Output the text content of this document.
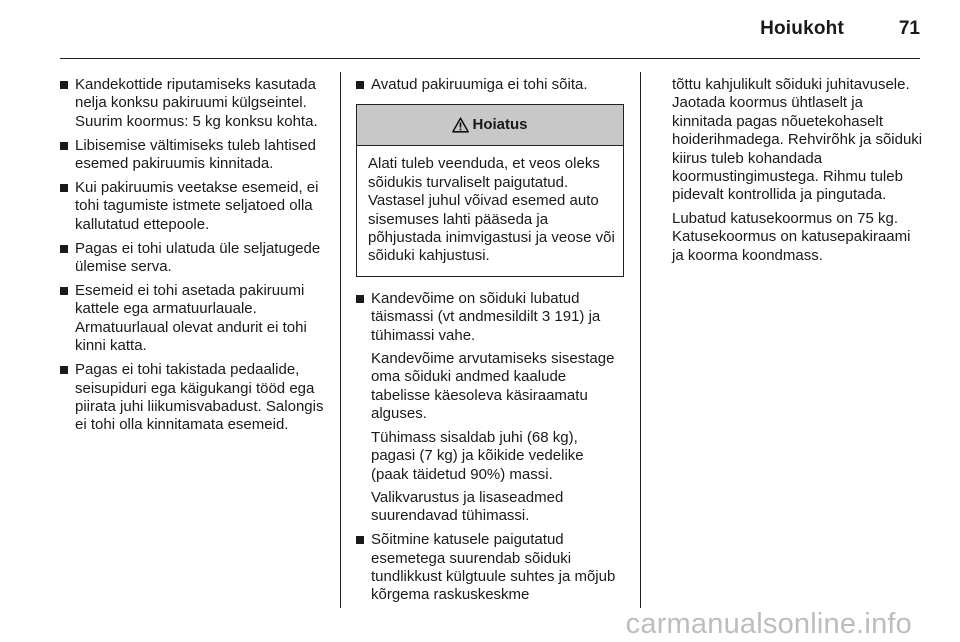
Hoiukoht	71
Kandekottide riputamiseks kasutada nelja konksu pakiruumi külgseintel. Suurim koormus: 5 kg konksu kohta.
Libisemise vältimiseks tuleb lahtised esemed pakiruumis kinnitada.
Kui pakiruumis veetakse esemeid, ei tohi tagumiste istmete seljatoed olla kallutatud ettepoole.
Pagas ei tohi ulatuda üle seljatugede ülemise serva.
Esemeid ei tohi asetada pakiruumi kattele ega armatuurlauale. Armatuurlaual olevat andurit ei tohi kinni katta.
Pagas ei tohi takistada pedaalide, seisupiduri ega käigukangi tööd ega piirata juhi liikumisvabadust. Salongis ei tohi olla kinnitamata esemeid.
Avatud pakiruumiga ei tohi sõita.
Hoiatus
Alati tuleb veenduda, et veos oleks sõidukis turvaliselt paigutatud. Vastasel juhul võivad esemed auto sisemuses lahti pääseda ja põhjustada inimvigastusi ja veose või sõiduki kahjustusi.
Kandevõime on sõiduki lubatud täismassi (vt andmesildilt 3 191) ja tühimassi vahe.
Kandevõime arvutamiseks sisestage oma sõiduki andmed kaalude tabelisse käesoleva käsiraamatu alguses.
Tühimass sisaldab juhi (68 kg), pagasi (7 kg) ja kõikide vedelike (paak täidetud 90%) massi.
Valikvarustus ja lisaseadmed suurendavad tühimassi.
Sõitmine katusele paigutatud esemetega suurendab sõiduki tundlikkust külgtuule suhtes ja mõjub kõrgema raskuskeskme

tõttu kahjulikult sõiduki juhitavusele. Jaotada koormus ühtlaselt ja kinnitada pagas nõuetekohaselt hoiderihmadega. Rehvirõhk ja sõiduki kiirus tuleb kohandada koormustingimustega. Rihmu tuleb pidevalt kontrollida ja pingutada.

Lubatud katusekoormus on 75 kg. Katusekoormus on katusepakiraami ja koorma koondmass.

carmanualsonline.info
